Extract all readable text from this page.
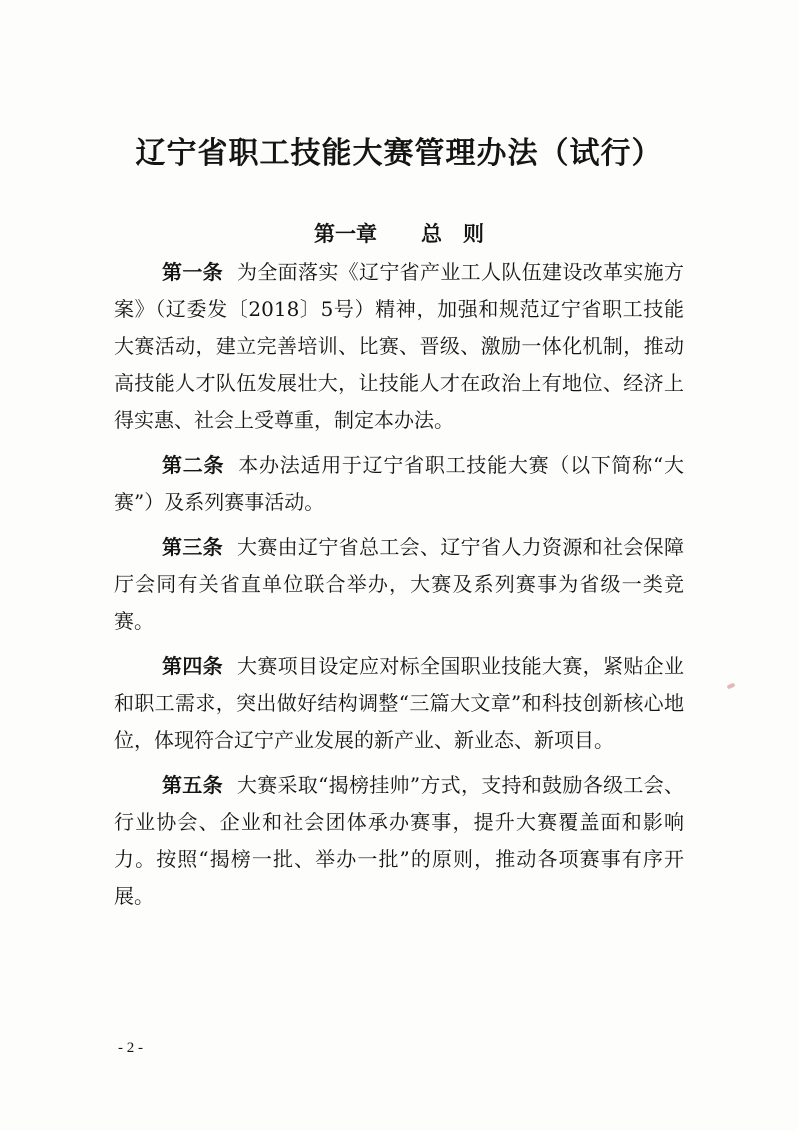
辽宁省职工技能大赛管理办法（试行）
第一章 总　则

第一条 为全面落实《辽宁省产业工人队伍建设改革实施方案》（辽委发〔2018〕5号）精神，加强和规范辽宁省职工技能大赛活动，建立完善培训、比赛、晋级、激励一体化机制，推动高技能人才队伍发展壮大，让技能人才在政治上有地位、经济上得实惠、社会上受尊重，制定本办法。

第二条 本办法适用于辽宁省职工技能大赛（以下简称“大赛”）及系列赛事活动。

第三条 大赛由辽宁省总工会、辽宁省人力资源和社会保障厅会同有关省直单位联合举办，大赛及系列赛事为省级一类竞赛。

第四条 大赛项目设定应对标全国职业技能大赛，紧贴企业和职工需求，突出做好结构调整“三篇大文章”和科技创新核心地位，体现符合辽宁产业发展的新产业、新业态、新项目。

第五条 大赛采取“揭榜挂帅”方式，支持和鼓励各级工会、行业协会、企业和社会团体承办赛事，提升大赛覆盖面和影响力。按照“揭榜一批、举办一批”的原则，推动各项赛事有序开展。

- 2 -
